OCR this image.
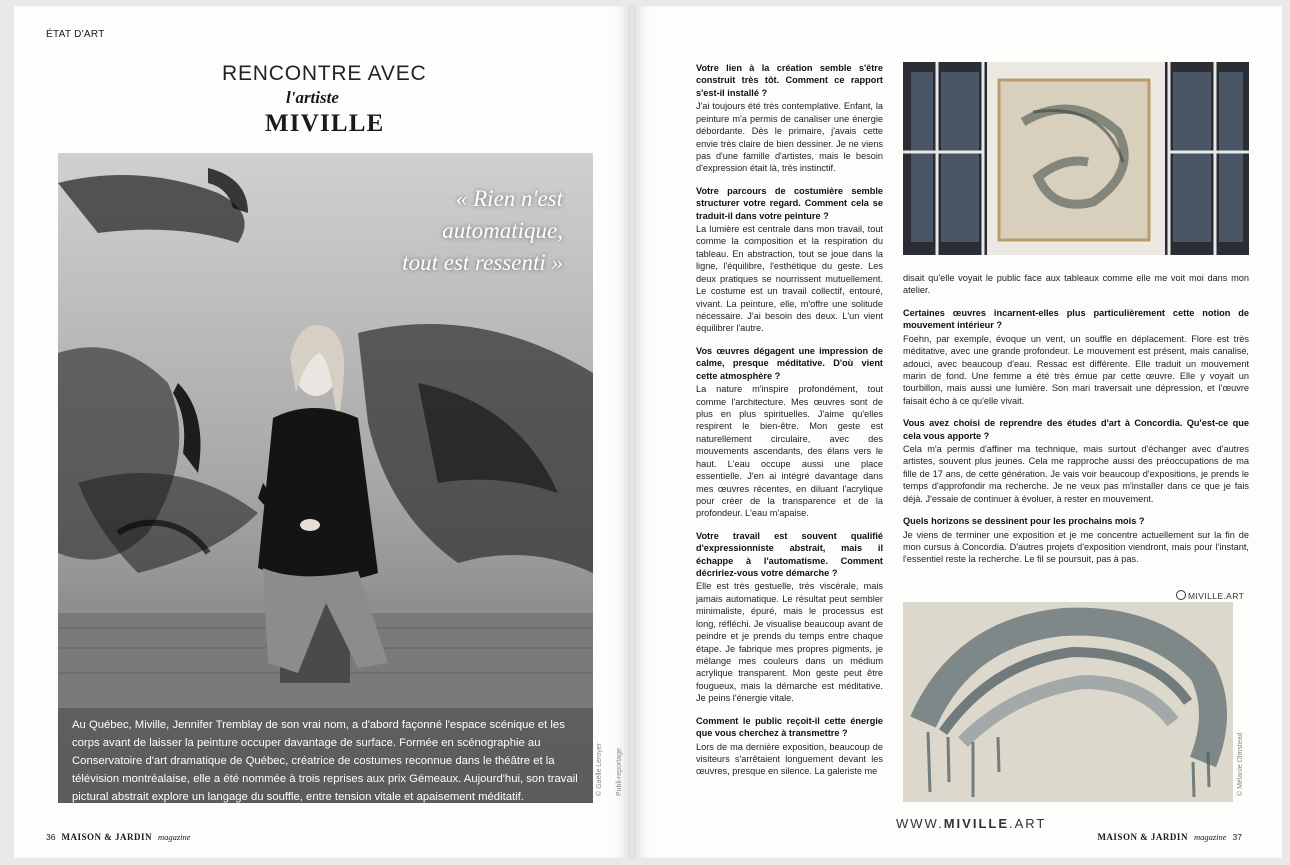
ÉTAT D'ART
RENCONTRE AVEC
l'artiste
MIVILLE
« Rien n'est
automatique,
tout est ressenti »
Au Québec, Miville, Jennifer Tremblay de son vrai nom, a d'abord façonné l'espace scénique et les corps avant de laisser la peinture occuper davantage de surface. Formée en scénographie au Conservatoire d'art dramatique de Québec, créatrice de costumes reconnue dans le théâtre et la télévision montréalaise, elle a été nommée à trois reprises aux prix Gémeaux. Aujourd'hui, son travail pictural abstrait explore un langage du souffle, entre tension vitale et apaisement méditatif.
© Gaëlle Leroyer Publi-reportage
36 MAISON & JARDIN magazine

Votre lien à la création semble s'être construit très tôt. Comment ce rapport s'est-il installé ?

J'ai toujours été très contemplative. Enfant, la peinture m'a permis de canaliser une énergie débordante. Dès le primaire, j'avais cette envie très claire de bien dessiner. Je ne viens pas d'une famille d'artistes, mais le besoin d'expression était là, très instinctif.

Votre parcours de costumière semble structurer votre regard. Comment cela se traduit-il dans votre peinture ?

La lumière est centrale dans mon travail, tout comme la composition et la respiration du tableau. En abstraction, tout se joue dans la ligne, l'équilibre, l'esthétique du geste. Les deux pratiques se nourrissent mutuellement. Le costume est un travail collectif, entouré, vivant. La peinture, elle, m'offre une solitude nécessaire. J'ai besoin des deux. L'un vient équilibrer l'autre.

Vos œuvres dégagent une impression de calme, presque méditative. D'où vient cette atmosphère ?

La nature m'inspire profondément, tout comme l'architecture. Mes œuvres sont de plus en plus spirituelles. J'aime qu'elles respirent le bien-être. Mon geste est naturellement circulaire, avec des mouvements ascendants, des élans vers le haut. L'eau occupe aussi une place essentielle. J'en ai intégré davantage dans mes œuvres récentes, en diluant l'acrylique pour créer de la transparence et de la profondeur. L'eau m'apaise.

Votre travail est souvent qualifié d'expressionniste abstrait, mais il échappe à l'automatisme. Comment décririez-vous votre démarche ?

Elle est très gestuelle, très viscérale, mais jamais automatique. Le résultat peut sembler minimaliste, épuré, mais le processus est long, réfléchi. Je visualise beaucoup avant de peindre et je prends du temps entre chaque étape. Je fabrique mes propres pigments, je mélange mes couleurs dans un médium acrylique transparent. Mon geste peut être fougueux, mais la démarche est méditative. Je peins l'énergie vitale.

Comment le public reçoit-il cette énergie que vous cherchez à transmettre ?

Lors de ma dernière exposition, beaucoup de visiteurs s'arrêtaient longuement devant les œuvres, presque en silence. La galeriste me

© Mélanie Olmstead

disait qu'elle voyait le public face aux tableaux comme elle me voit moi dans mon atelier.

Certaines œuvres incarnent-elles plus particulièrement cette notion de mouvement intérieur ?

Foehn, par exemple, évoque un vent, un souffle en déplacement. Flore est très méditative, avec une grande profondeur. Le mouvement est présent, mais canalisé, adouci, avec beaucoup d'eau. Ressac est différente. Elle traduit un mouvement marin de fond. Une femme a été très émue par cette œuvre. Elle y voyait un tourbillon, mais aussi une lumière. Son mari traversait une dépression, et l'œuvre faisait écho à ce qu'elle vivait.

Vous avez choisi de reprendre des études d'art à Concordia. Qu'est-ce que cela vous apporte ?

Cela m'a permis d'affiner ma technique, mais surtout d'échanger avec d'autres artistes, souvent plus jeunes. Cela me rapproche aussi des préoccupations de ma fille de 17 ans, de cette génération. Je vais voir beaucoup d'expositions, je prends le temps d'approfondir ma recherche. Je ne veux pas m'installer dans ce que je fais déjà. J'essaie de continuer à évoluer, à rester en mouvement.

Quels horizons se dessinent pour les prochains mois ?

Je viens de terminer une exposition et je me concentre actuellement sur la fin de mon cursus à Concordia. D'autres projets d'exposition viendront, mais pour l'instant, l'essentiel reste la recherche. Le fil se poursuit, pas à pas.

MIVILLE.ART
© Mélanie Olmstead
WWW.MIVILLE.ART
MAISON & JARDIN magazine 37
